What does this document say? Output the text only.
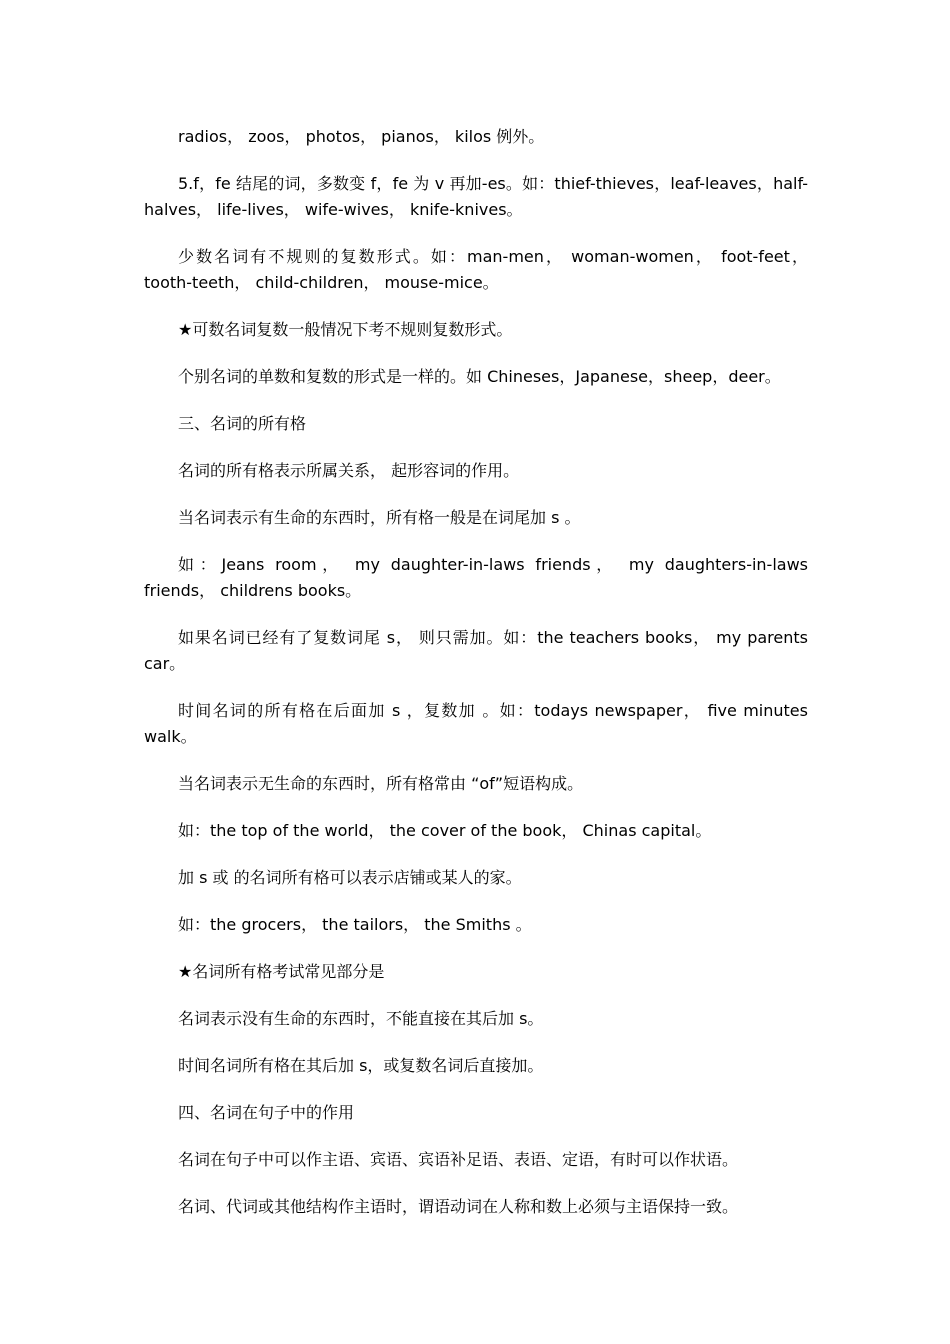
radios， zoos， photos， pianos， kilos 例外。

5.f，fe 结尾的词，多数变 f，fe 为 v 再加-es。如：thief-thieves，leaf-leaves，half-halves， life-lives， wife-wives， knife-knives。

少数名词有不规则的复数形式。如：man-men， woman-women， foot-feet，tooth-teeth， child-children， mouse-mice。

★可数名词复数一般情况下考不规则复数形式。

个别名词的单数和复数的形式是一样的。如 Chineses，Japanese，sheep，deer。

三、名词的所有格

名词的所有格表示所属关系， 起形容词的作用。

当名词表示有生命的东西时，所有格一般是在词尾加 s 。

如：Jeans room， my daughter-in-laws friends， my daughters-in-laws friends， childrens books。

如果名词已经有了复数词尾 s， 则只需加。如：the teachers books， my parents car。

时间名词的所有格在后面加 s ，复数加 。如：todays newspaper， five minutes walk。

当名词表示无生命的东西时，所有格常由 “of”短语构成。

如：the top of the world， the cover of the book， Chinas capital。

加 s 或 的名词所有格可以表示店铺或某人的家。

如：the grocers， the tailors， the Smiths 。

★名词所有格考试常见部分是

名词表示没有生命的东西时，不能直接在其后加 s。

时间名词所有格在其后加 s，或复数名词后直接加。

四、名词在句子中的作用

名词在句子中可以作主语、宾语、宾语补足语、表语、定语，有时可以作状语。

名词、代词或其他结构作主语时，谓语动词在人称和数上必须与主语保持一致。
